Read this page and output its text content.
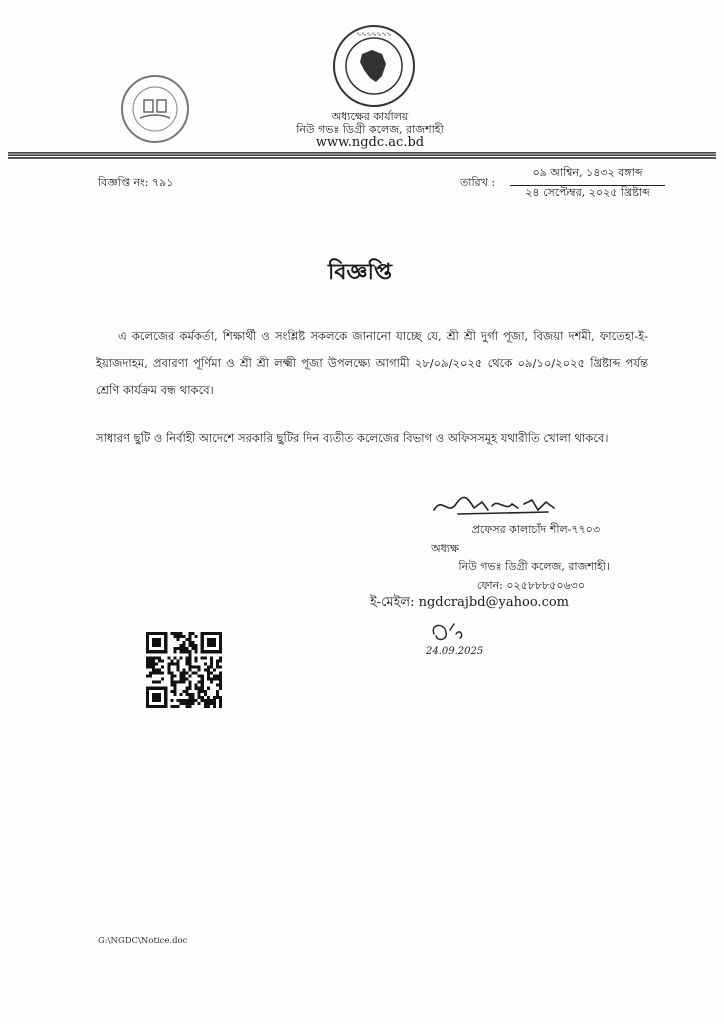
∿∿∿∿∿∿∿
অধ্যক্ষের কার্যালয়
নিউ গভঃ ডিগ্রী কলেজ, রাজশাহী
www.ngdc.ac.bd
বিজ্ঞপ্তি নং: ৭৯১	তারিখ :
০৯ আশ্বিন, ১৪৩২ বঙ্গাব্দ
২৪ সেপ্টেম্বর, ২০২৫ খ্রিষ্টাব্দ
বিজ্ঞপ্তি
এ কলেজের কর্মকর্তা, শিক্ষার্থী ও সংশ্লিষ্ট সকলকে জানানো যাচ্ছে যে, শ্রী শ্রী দুর্গা পূজা, বিজয়া দশমী, ফাতেহা-ই-ইয়াজদাহম, প্রবারণা পূর্ণিমা ও শ্রী শ্রী লক্ষ্মী পূজা উপলক্ষ্যে আগামী ২৮/০৯/২০২৫ থেকে ০৯/১০/২০২৫ খ্রিষ্টাব্দ পর্যন্ত শ্রেণি কার্যক্রম বন্ধ থাকবে।
সাধারণ ছুটি ও নির্বাহী আদেশে সরকারি ছুটির দিন ব্যতীত কলেজের বিভাগ ও অফিসসমূহ যথারীতি খোলা থাকবে।
প্রফেসর কালাচাঁদ শীল-৭৭০৩
অধ্যক্ষ
নিউ গভঃ ডিগ্রী কলেজ, রাজশাহী।
ফোন: ০২৫৮৮৮৫০৬৩০
ই-মেইল: ngdcrajbd@yahoo.com
24.09.2025
G:\NGDC\Notice.doc
